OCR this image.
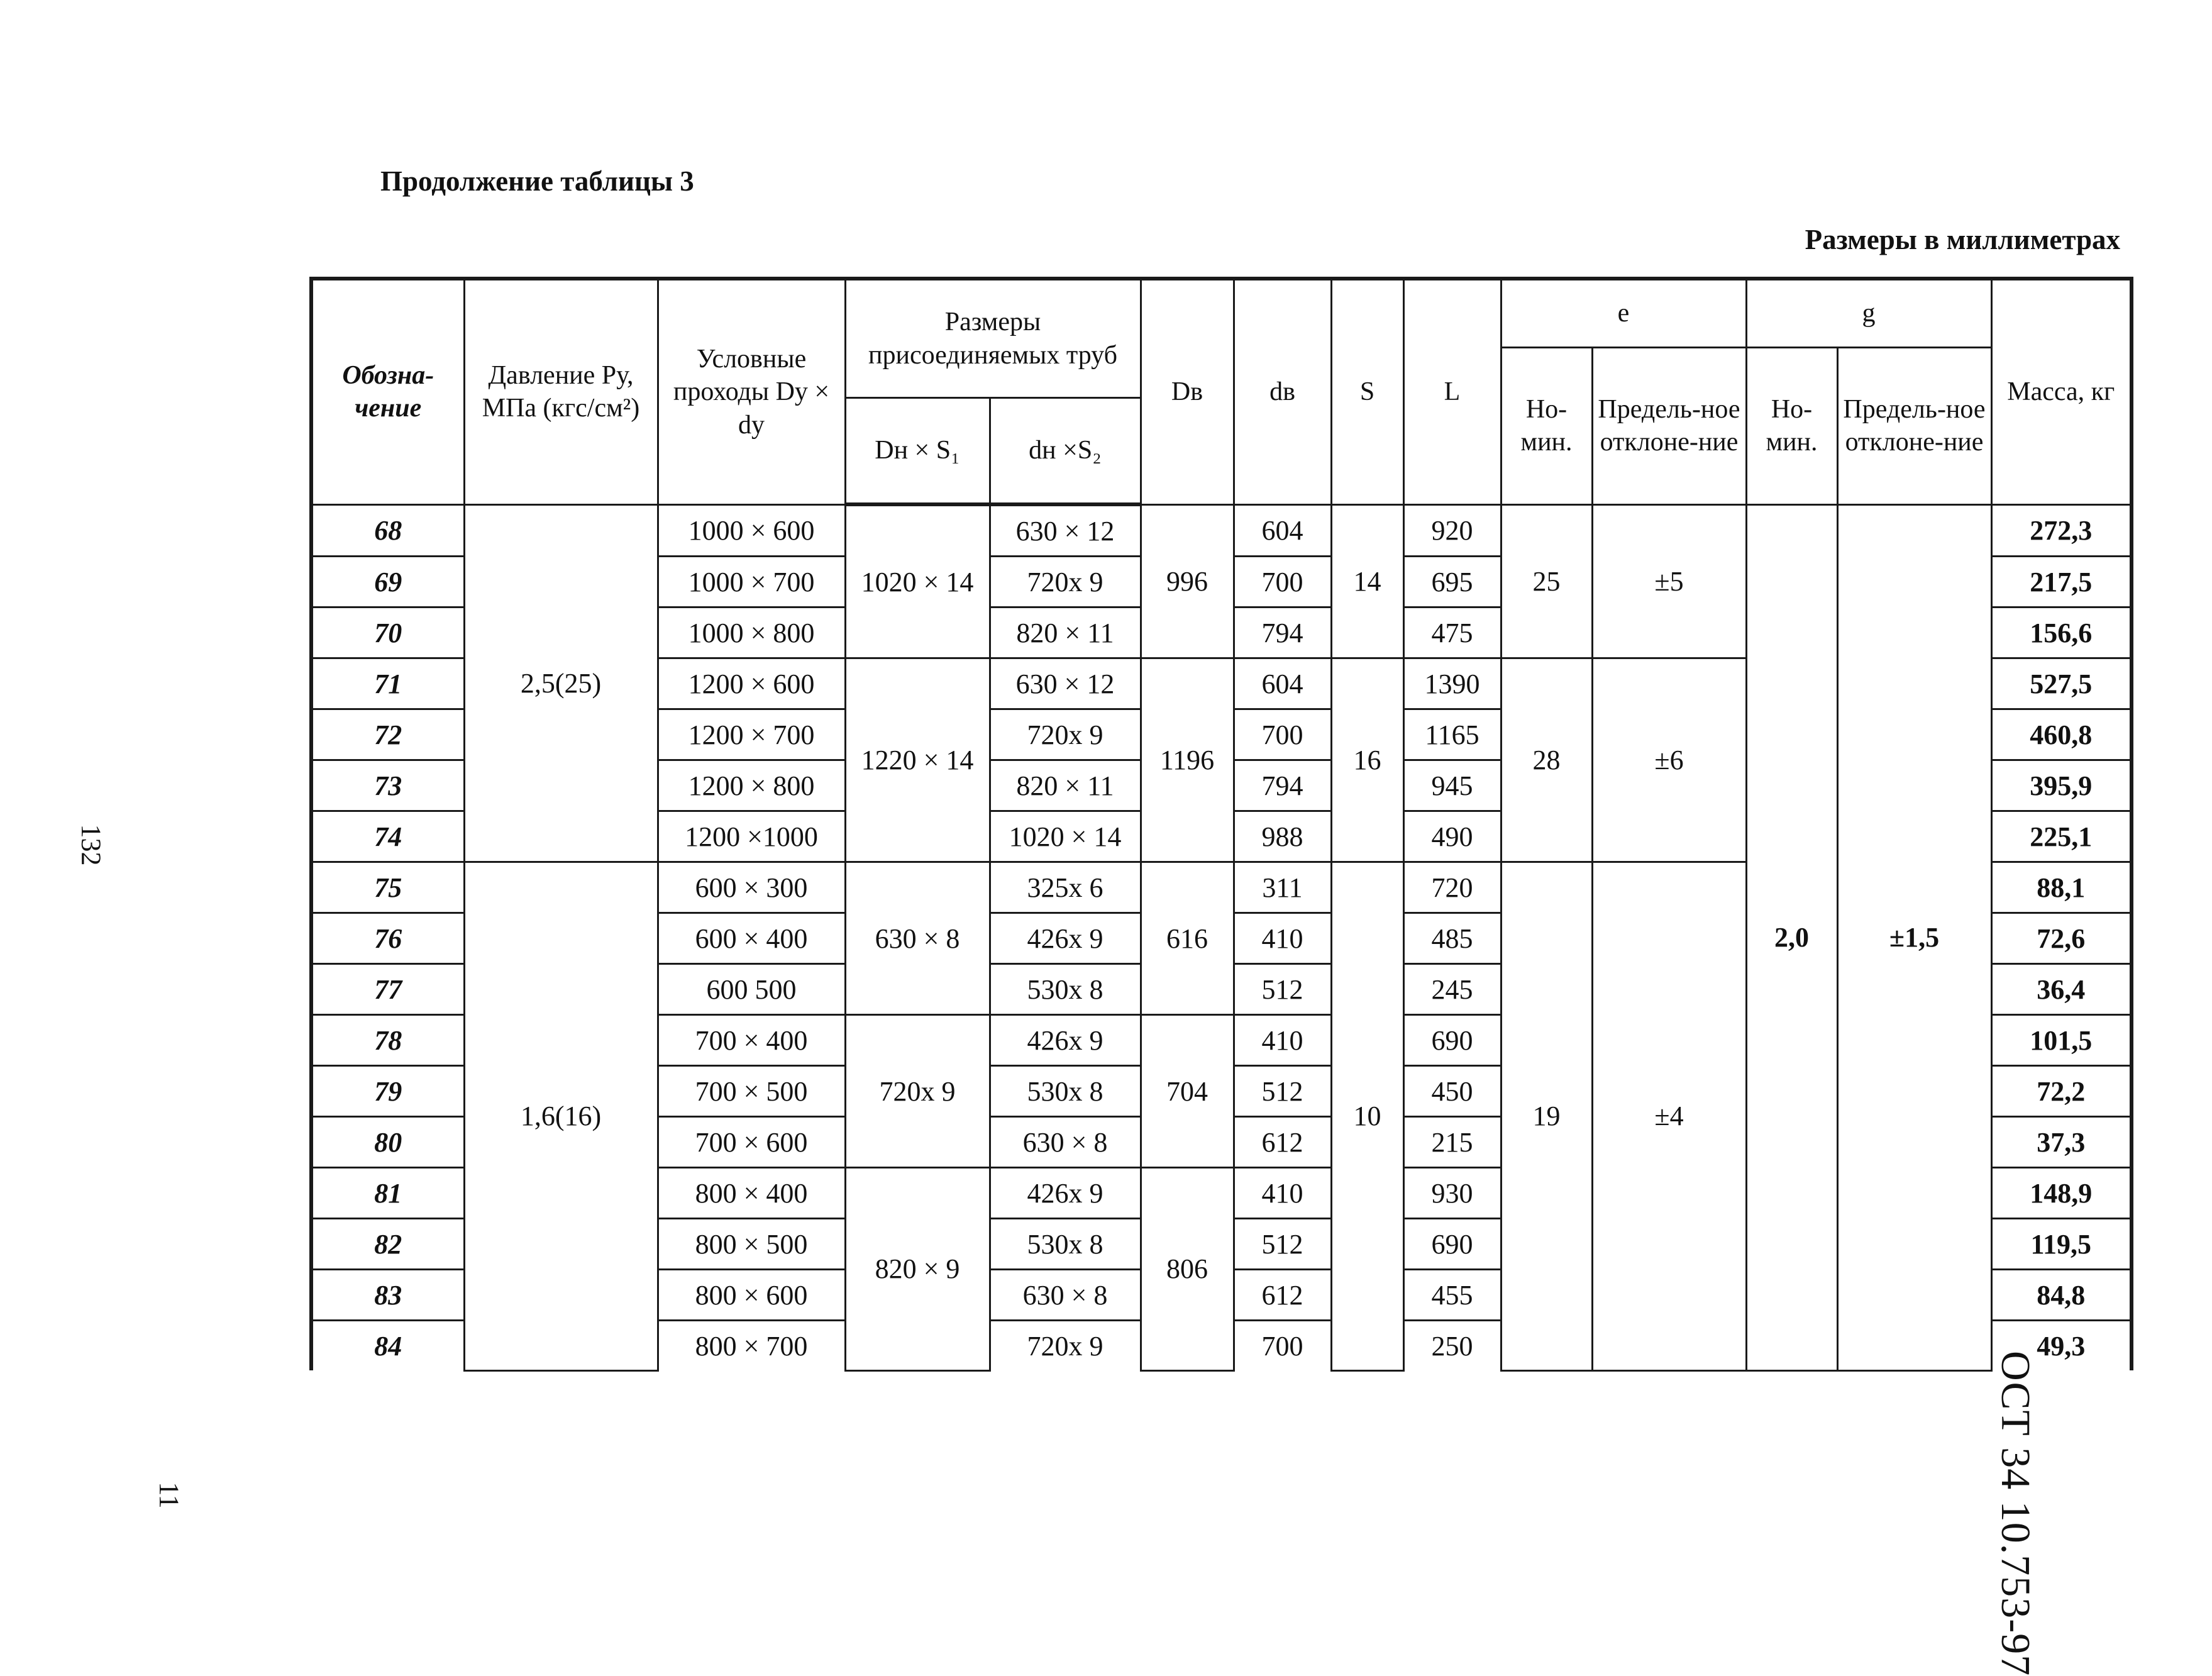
Продолжение таблицы 3
Размеры в миллиметрах
132
11	ОСТ 34 10.753-97
Обозна-чение	Давление Ру, МПа (кгс/см²)	Условные проходы Dу × dу	Размеры присоединяемых труб		Dв	dв	S	L	e		g		Масса, кг	
									Но-мин.	Предель-ное отклоне-ние	Но-мин.	Предель-ное отклоне-ние		

			Dн × S₁	dн ×S₂										
68	2,5(25)	1000 × 600	1020 × 14	630 × 12	996	604	14	920	25	±5	2,0	±1,5	272,3	
69		1000 × 700		720х 9		700		695					217,5	
70		1000 × 800		820 × 11		794		475					156,6	
71		1200 × 600	1220 × 14	630 × 12	1196	604	16	1390	28	±6			527,5	
72		1200 × 700		720х 9		700		1165					460,8	
73		1200 × 800		820 × 11		794		945					395,9	
74		1200 ×1000		1020 × 14		988		490					225,1	
75	1,6(16)	600 × 300	630 × 8	325х 6	616	311	10	720	19	±4			88,1	
76		600 × 400		426х 9		410		485					72,6	
77		600 500		530х 8		512		245					36,4	
78		700 × 400	720х 9	426х 9	704	410		690					101,5	
79		700 × 500		530х 8		512		450					72,2	
80		700 × 600		630 × 8		612		215					37,3	
81		800 × 400	820 × 9	426х 9	806	410		930					148,9	
82		800 × 500		530х 8		512		690					119,5	
83		800 × 600		630 × 8		612		455					84,8	
84		800 × 700		720х 9		700		250					49,3	
